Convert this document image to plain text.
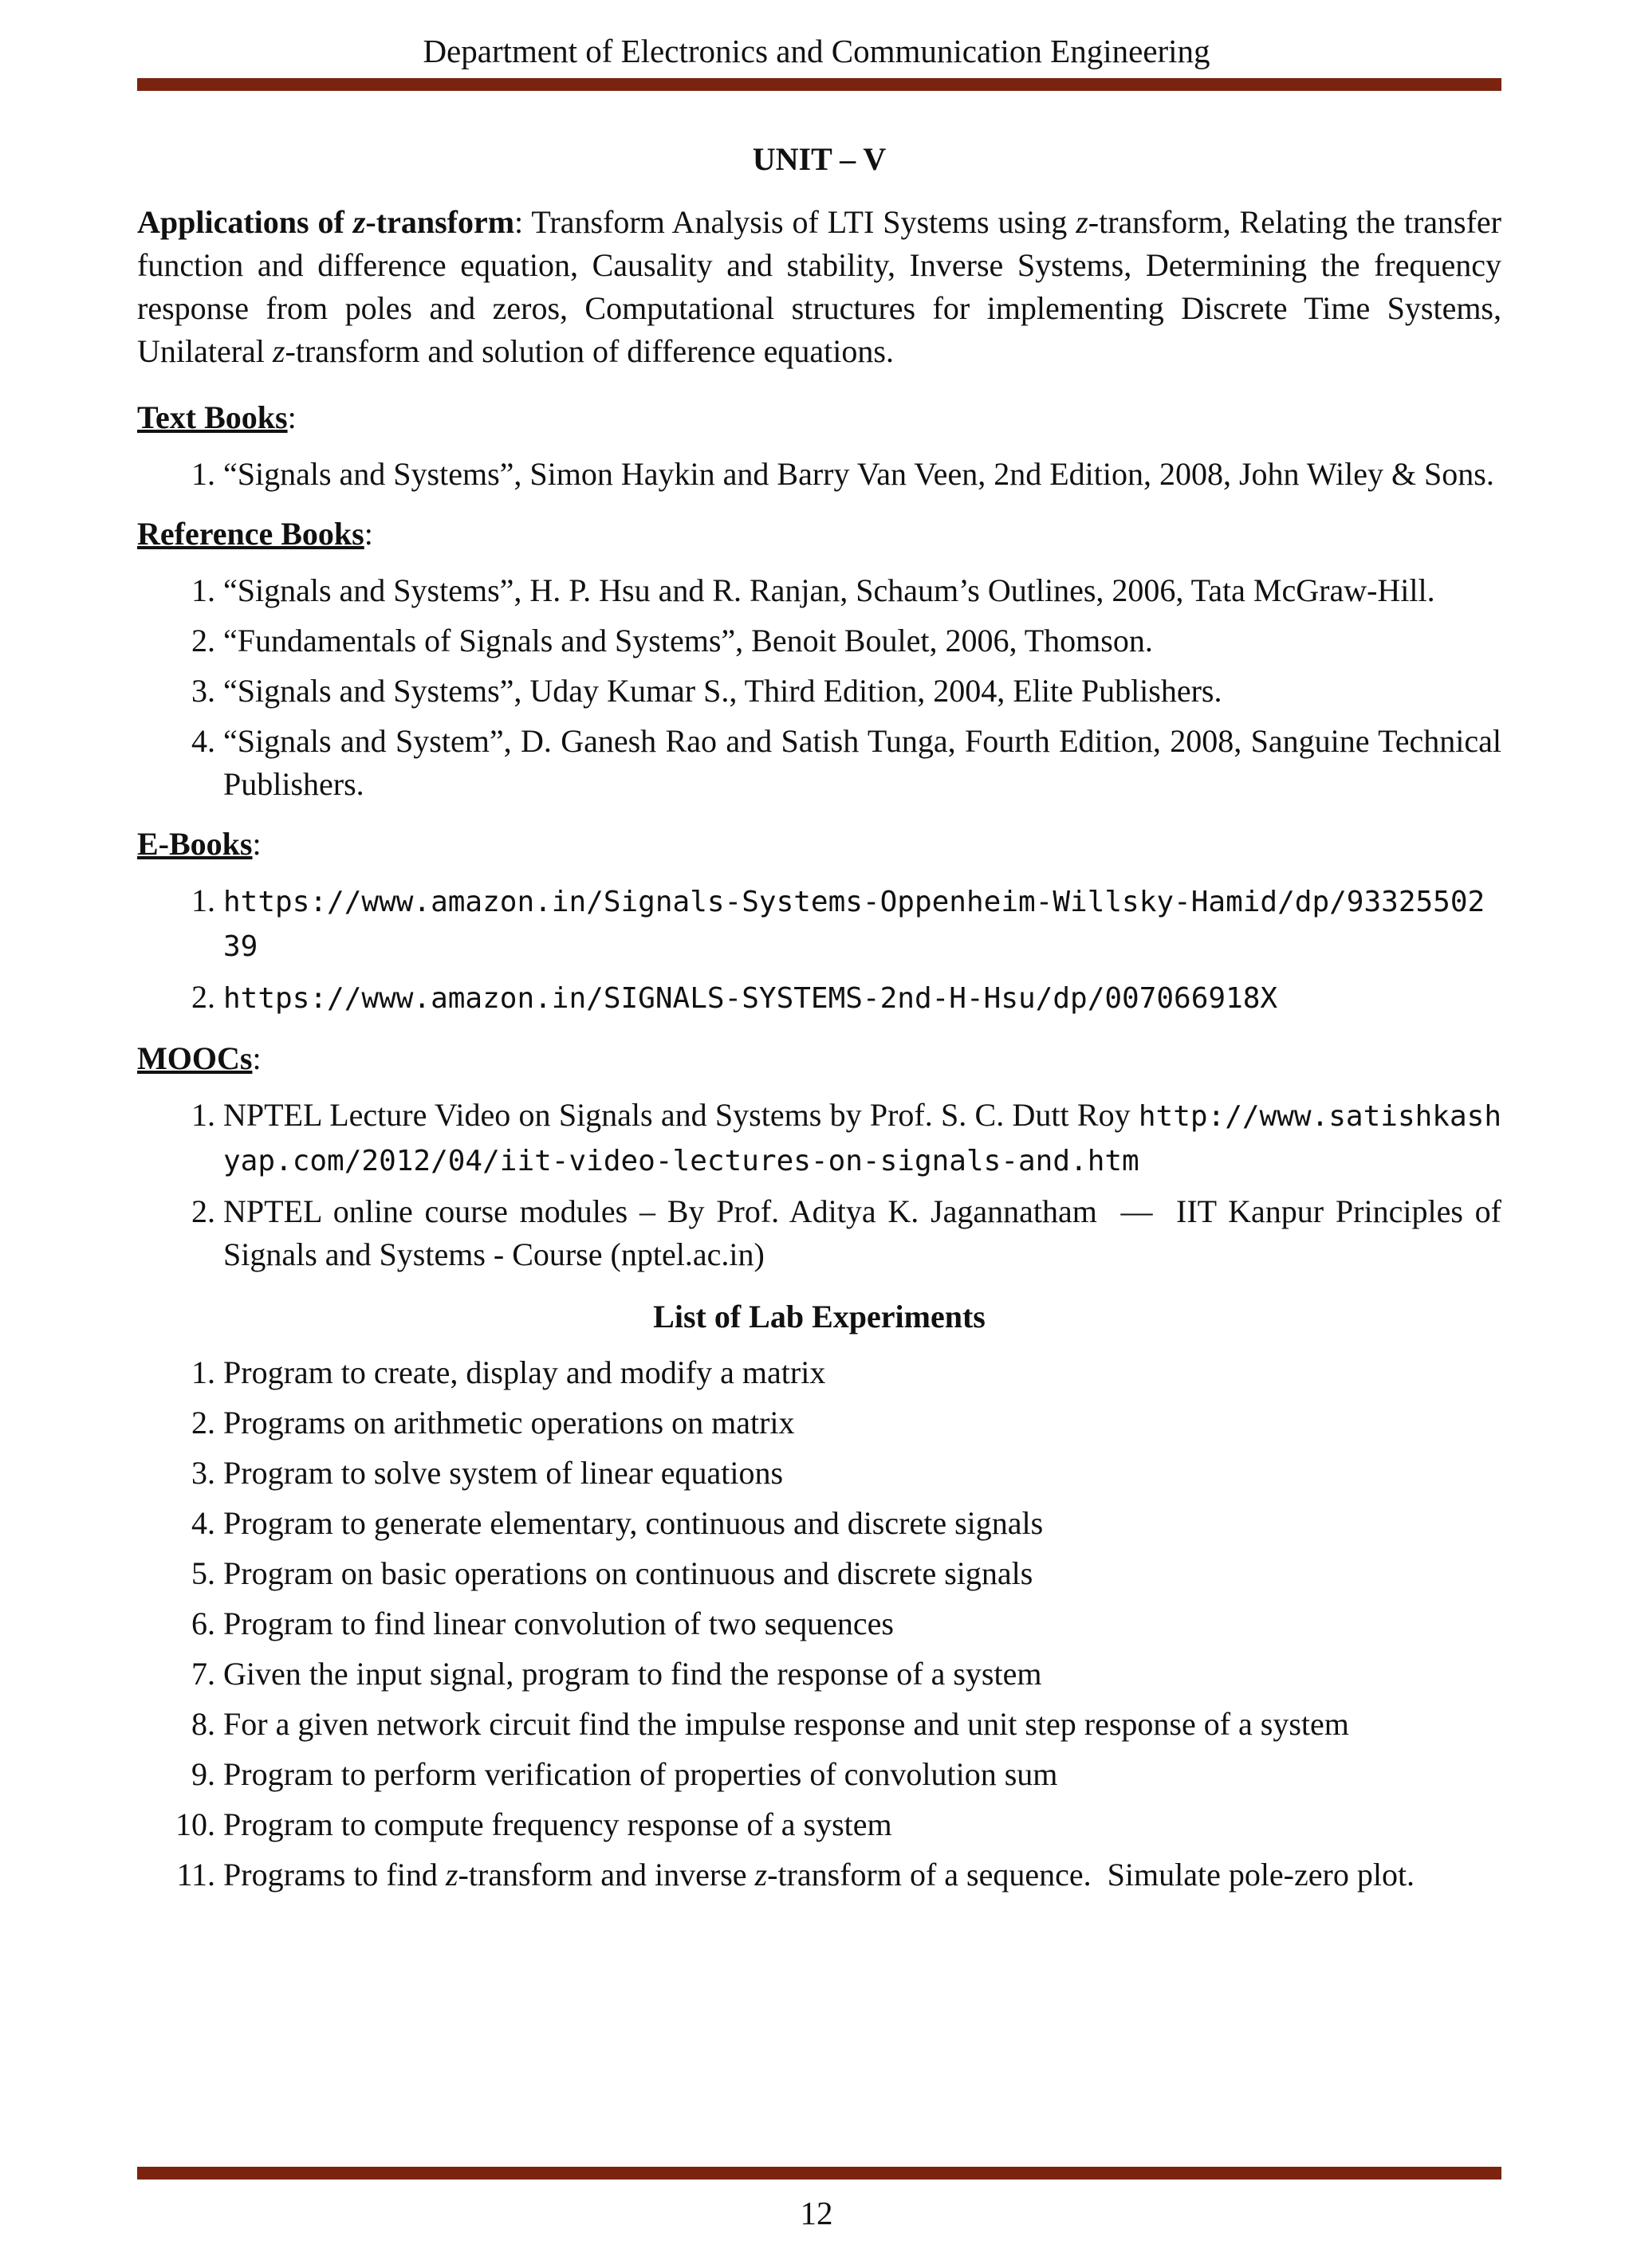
Department of Electronics and Communication Engineering
UNIT – V

Applications of z-transform: Transform Analysis of LTI Systems using z-transform, Relating the transfer function and difference equation, Causality and stability, Inverse Systems, Determining the frequency response from poles and zeros, Computational structures for implementing Discrete Time Systems, Unilateral z-transform and solution of difference equations.

Text Books:
1. “Signals and Systems”, Simon Haykin and Barry Van Veen, 2nd Edition, 2008, John Wiley & Sons.
Reference Books:
1. “Signals and Systems”, H. P. Hsu and R. Ranjan, Schaum’s Outlines, 2006, Tata McGraw-Hill.
2. “Fundamentals of Signals and Systems”, Benoit Boulet, 2006, Thomson.
3. “Signals and Systems”, Uday Kumar S., Third Edition, 2004, Elite Publishers.
4. “Signals and System”, D. Ganesh Rao and Satish Tunga, Fourth Edition, 2008, Sanguine Technical Publishers.
E-Books:
1. https://www.amazon.in/Signals-Systems-Oppenheim-Willsky-Hamid/dp/9332550239
2. https://www.amazon.in/SIGNALS-SYSTEMS-2nd-H-Hsu/dp/007066918X
MOOCs:
1. NPTEL Lecture Video on Signals and Systems by Prof. S. C. Dutt Roy http://www.satishkashyap.com/2012/04/iit-video-lectures-on-signals-and.htm
2. NPTEL online course modules – By Prof. Aditya K. Jagannatham  —  IIT Kanpur Principles of Signals and Systems - Course (nptel.ac.in)
List of Lab Experiments
1. Program to create, display and modify a matrix
2. Programs on arithmetic operations on matrix
3. Program to solve system of linear equations
4. Program to generate elementary, continuous and discrete signals
5. Program on basic operations on continuous and discrete signals
6. Program to find linear convolution of two sequences
7. Given the input signal, program to find the response of a system
8. For a given network circuit find the impulse response and unit step response of a system
9. Program to perform verification of properties of convolution sum
10. Program to compute frequency response of a system
11. Programs to find z-transform and inverse z-transform of a sequence.  Simulate pole-zero plot.
12
